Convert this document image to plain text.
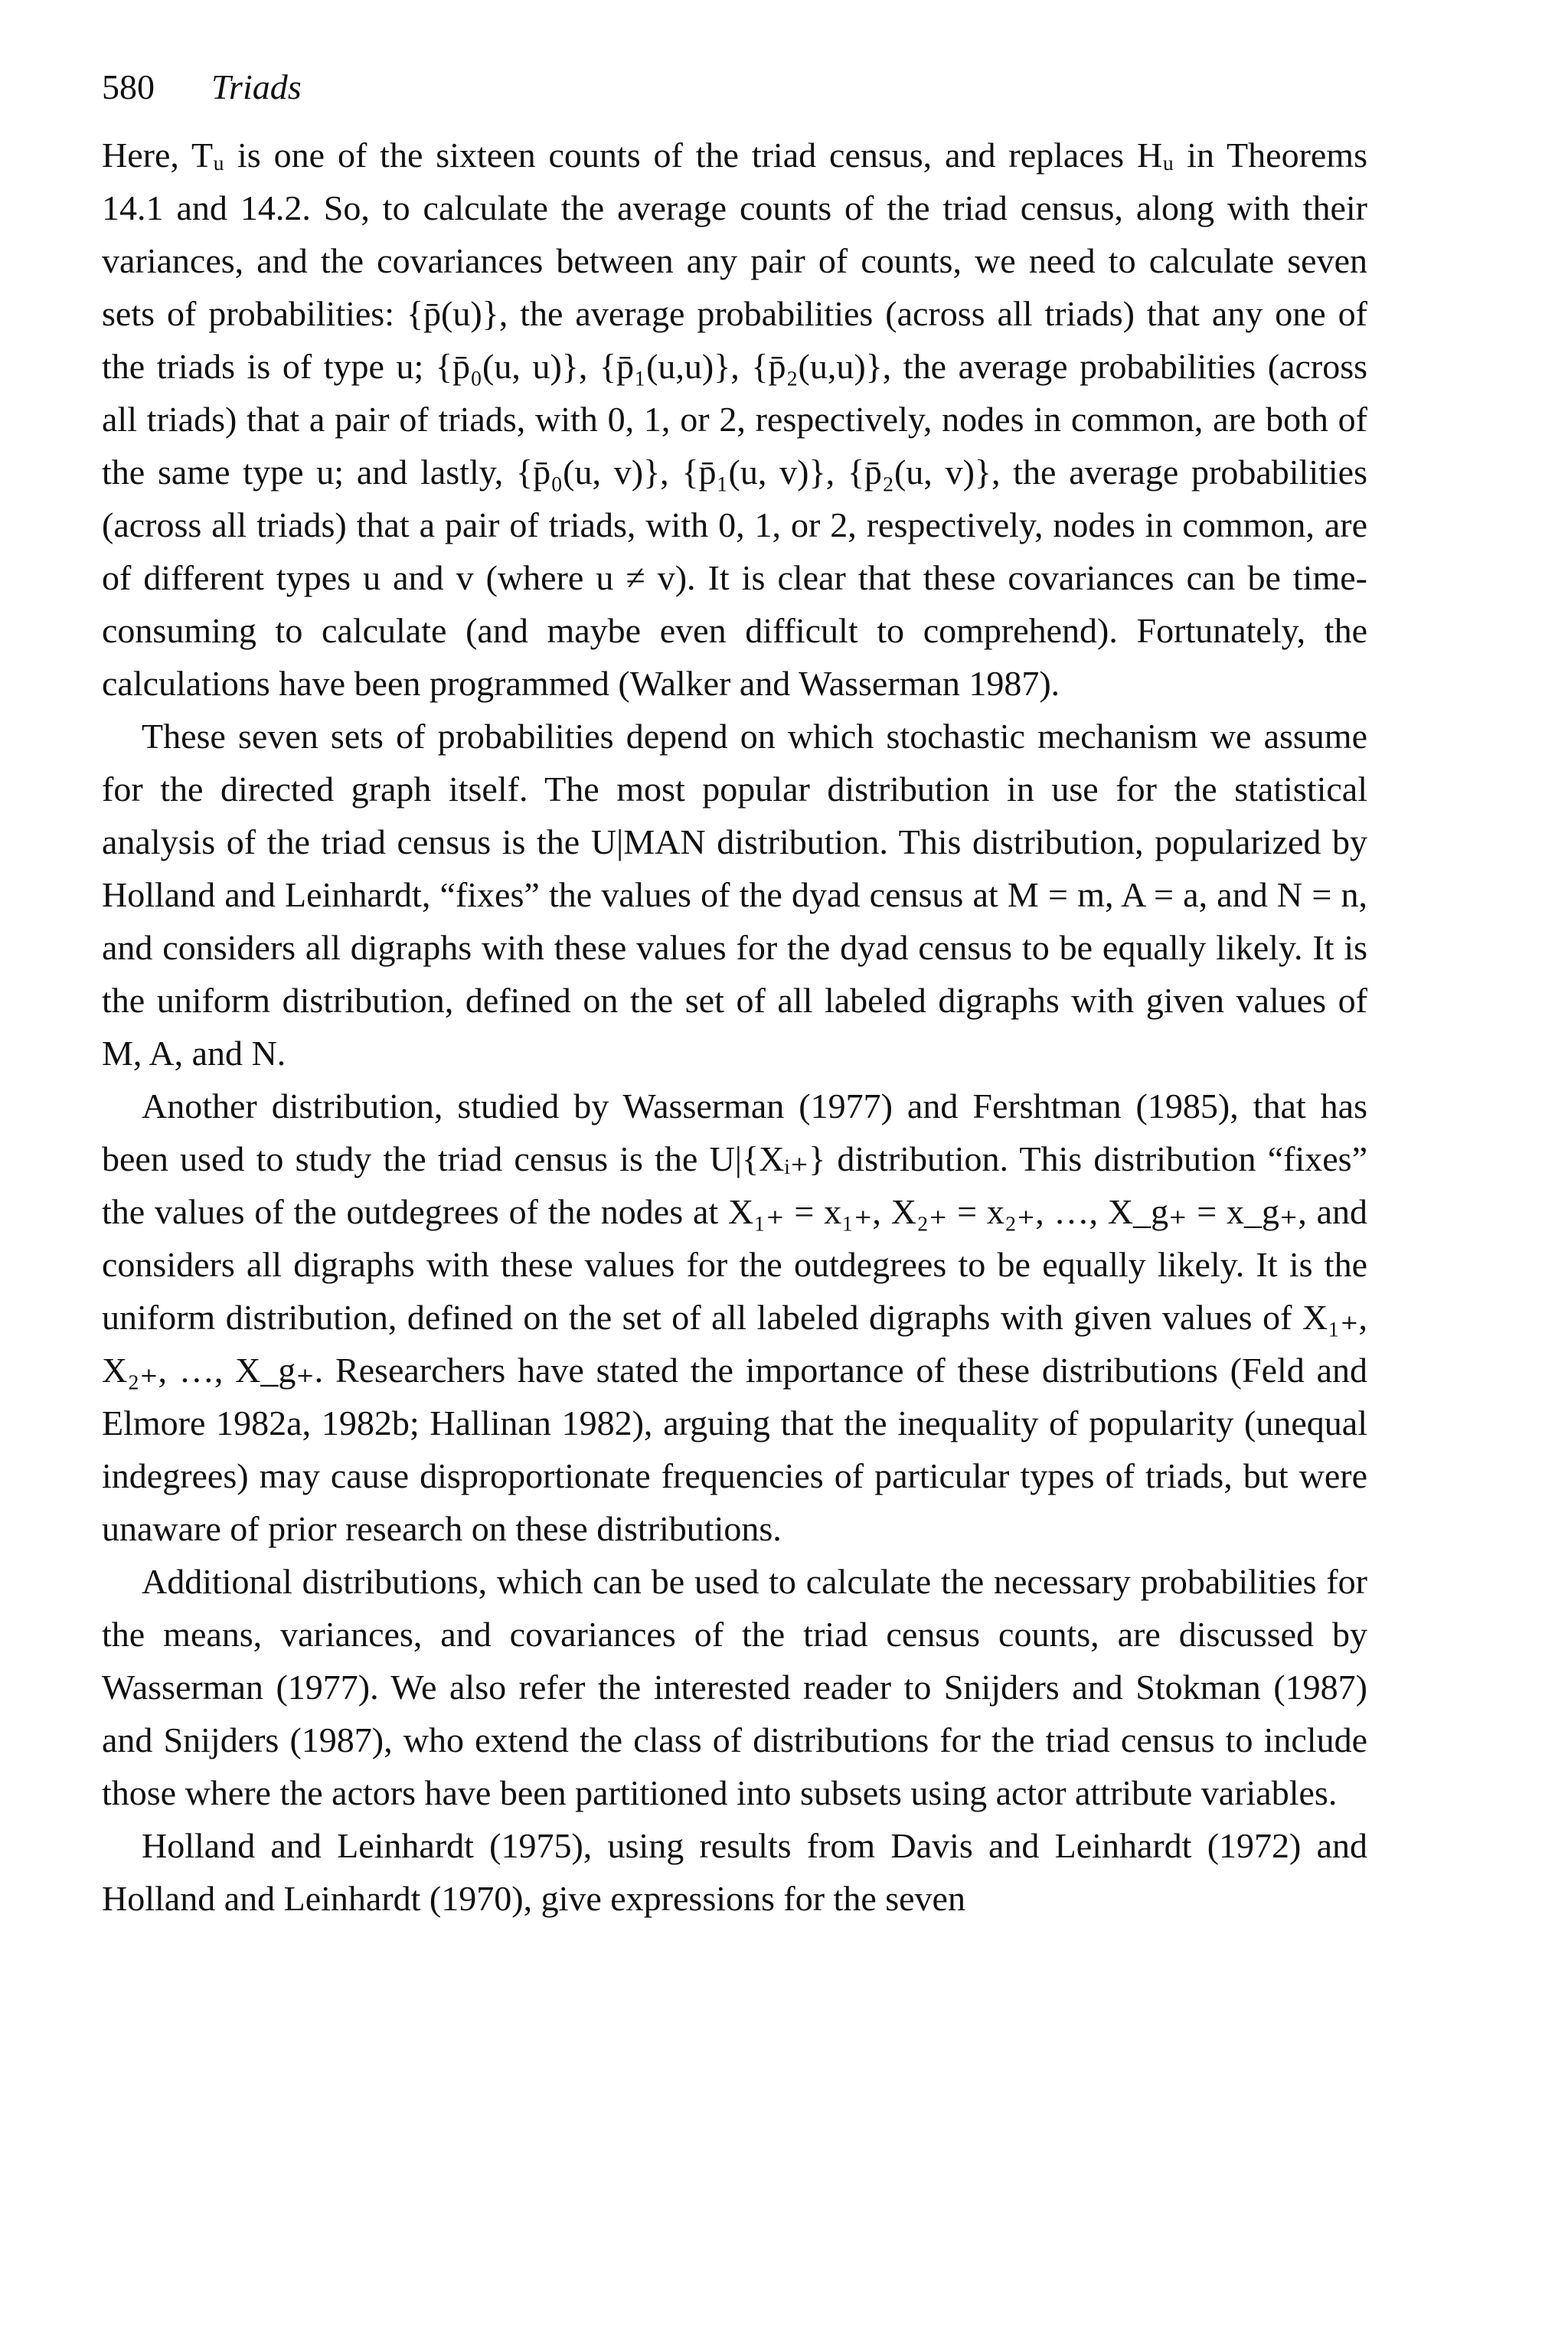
580 Triads

Here, Tᵤ is one of the sixteen counts of the triad census, and replaces Hᵤ in Theorems 14.1 and 14.2. So, to calculate the average counts of the triad census, along with their variances, and the covariances between any pair of counts, we need to calculate seven sets of probabilities: {p̄(u)}, the average probabilities (across all triads) that any one of the triads is of type u; {p̄₀(u, u)}, {p̄₁(u,u)}, {p̄₂(u,u)}, the average probabilities (across all triads) that a pair of triads, with 0, 1, or 2, respectively, nodes in common, are both of the same type u; and lastly, {p̄₀(u, v)}, {p̄₁(u, v)}, {p̄₂(u, v)}, the average probabilities (across all triads) that a pair of triads, with 0, 1, or 2, respectively, nodes in common, are of different types u and v (where u ≠ v). It is clear that these covariances can be time-consuming to calculate (and maybe even difficult to comprehend). Fortunately, the calculations have been programmed (Walker and Wasserman 1987).

These seven sets of probabilities depend on which stochastic mechanism we assume for the directed graph itself. The most popular distribution in use for the statistical analysis of the triad census is the U|MAN distribution. This distribution, popularized by Holland and Leinhardt, “fixes” the values of the dyad census at M = m, A = a, and N = n, and considers all digraphs with these values for the dyad census to be equally likely. It is the uniform distribution, defined on the set of all labeled digraphs with given values of M, A, and N.

Another distribution, studied by Wasserman (1977) and Fershtman (1985), that has been used to study the triad census is the U|{Xᵢ₊} distribution. This distribution “fixes” the values of the outdegrees of the nodes at X₁₊ = x₁₊, X₂₊ = x₂₊, …, X_g₊ = x_g₊, and considers all digraphs with these values for the outdegrees to be equally likely. It is the uniform distribution, defined on the set of all labeled digraphs with given values of X₁₊, X₂₊, …, X_g₊. Researchers have stated the importance of these distributions (Feld and Elmore 1982a, 1982b; Hallinan 1982), arguing that the inequality of popularity (unequal indegrees) may cause disproportionate frequencies of particular types of triads, but were unaware of prior research on these distributions.

Additional distributions, which can be used to calculate the necessary probabilities for the means, variances, and covariances of the triad census counts, are discussed by Wasserman (1977). We also refer the interested reader to Snijders and Stokman (1987) and Snijders (1987), who extend the class of distributions for the triad census to include those where the actors have been partitioned into subsets using actor attribute variables.

Holland and Leinhardt (1975), using results from Davis and Leinhardt (1972) and Holland and Leinhardt (1970), give expressions for the seven
